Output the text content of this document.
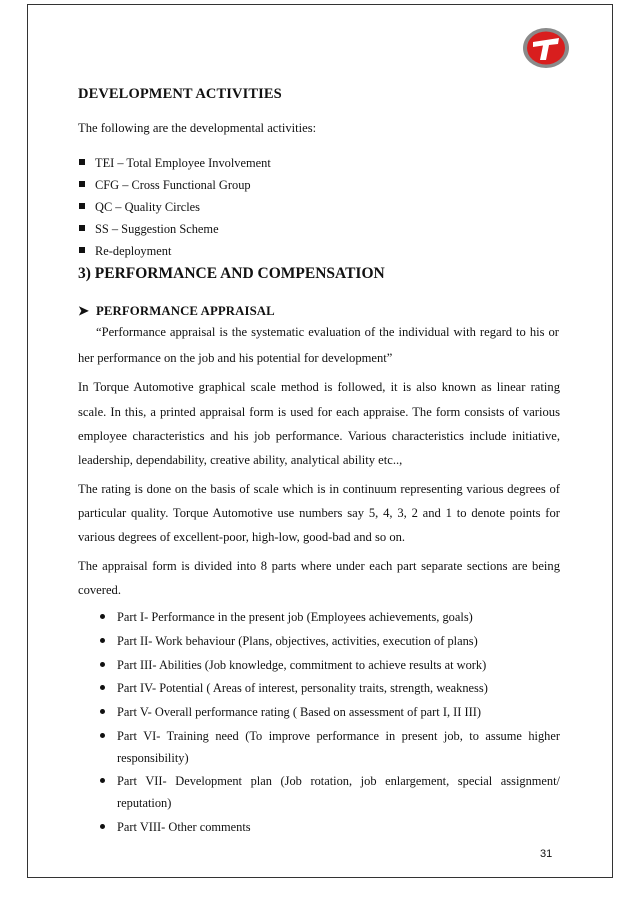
DEVELOPMENT ACTIVITIES
The following are the developmental activities:
TEI – Total Employee Involvement
CFG – Cross Functional Group
QC – Quality Circles
SS – Suggestion Scheme
Re-deployment
3) PERFORMANCE AND COMPENSATION
➤ PERFORMANCE APPRAISAL
“Performance appraisal is the systematic evaluation of the individual with regard to his or
her performance on the job and his potential for development”
In Torque Automotive graphical scale method is followed, it is also known as linear rating
scale. In this, a printed appraisal form is used for each appraise. The form consists of various
employee characteristics and his job performance. Various characteristics include initiative,
leadership, dependability, creative ability, analytical ability etc..,
The rating is done on the basis of scale which is in continuum representing various degrees of
particular quality. Torque Automotive use numbers say 5, 4, 3, 2 and 1 to denote points for
various degrees of excellent-poor, high-low, good-bad and so on.
The appraisal form is divided into 8 parts where under each part separate sections are being
covered.
Part I- Performance in the present job (Employees achievements, goals)
Part II- Work behaviour (Plans, objectives, activities, execution of plans)
Part III- Abilities (Job knowledge, commitment to achieve results at work)
Part IV- Potential ( Areas of interest, personality traits, strength, weakness)
Part V- Overall performance rating ( Based on assessment of part I, II III)
Part VI- Training need (To improve performance in present job, to assume higher responsibility)
Part VII- Development plan (Job rotation, job enlargement, special assignment/ reputation)
Part VIII- Other comments
31
